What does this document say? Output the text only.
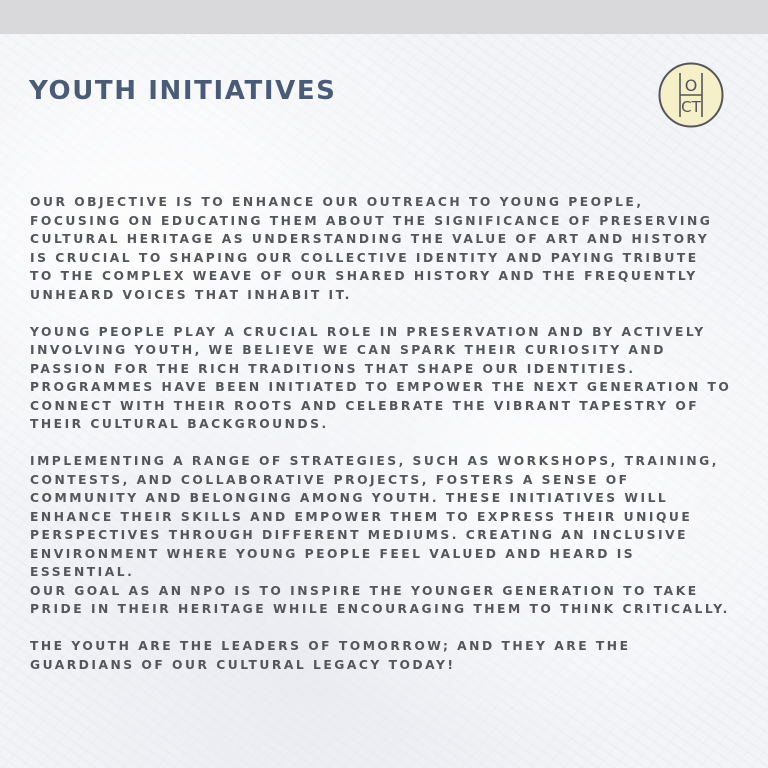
YOUTH INITIATIVES	O
CT

OUR OBJECTIVE IS TO ENHANCE OUR OUTREACH TO YOUNG PEOPLE,
FOCUSING ON EDUCATING THEM ABOUT THE SIGNIFICANCE OF PRESERVING
CULTURAL HERITAGE AS UNDERSTANDING THE VALUE OF ART AND HISTORY
IS CRUCIAL TO SHAPING OUR COLLECTIVE IDENTITY AND PAYING TRIBUTE
TO THE COMPLEX WEAVE OF OUR SHARED HISTORY AND THE FREQUENTLY
UNHEARD VOICES THAT INHABIT IT.

YOUNG PEOPLE PLAY A CRUCIAL ROLE IN PRESERVATION AND BY ACTIVELY
INVOLVING YOUTH, WE BELIEVE WE CAN SPARK THEIR CURIOSITY AND
PASSION FOR THE RICH TRADITIONS THAT SHAPE OUR IDENTITIES.
PROGRAMMES HAVE BEEN INITIATED TO EMPOWER THE NEXT GENERATION TO
CONNECT WITH THEIR ROOTS AND CELEBRATE THE VIBRANT TAPESTRY OF
THEIR CULTURAL BACKGROUNDS.

IMPLEMENTING A RANGE OF STRATEGIES, SUCH AS WORKSHOPS, TRAINING,
CONTESTS, AND COLLABORATIVE PROJECTS, FOSTERS A SENSE OF
COMMUNITY AND BELONGING AMONG YOUTH. THESE INITIATIVES WILL
ENHANCE THEIR SKILLS AND EMPOWER THEM TO EXPRESS THEIR UNIQUE
PERSPECTIVES THROUGH DIFFERENT MEDIUMS. CREATING AN INCLUSIVE
ENVIRONMENT WHERE YOUNG PEOPLE FEEL VALUED AND HEARD IS
ESSENTIAL.

OUR GOAL AS AN NPO IS TO INSPIRE THE YOUNGER GENERATION TO TAKE
PRIDE IN THEIR HERITAGE WHILE ENCOURAGING THEM TO THINK CRITICALLY.

THE YOUTH ARE THE LEADERS OF TOMORROW; AND THEY ARE THE
GUARDIANS OF OUR CULTURAL LEGACY TODAY!
